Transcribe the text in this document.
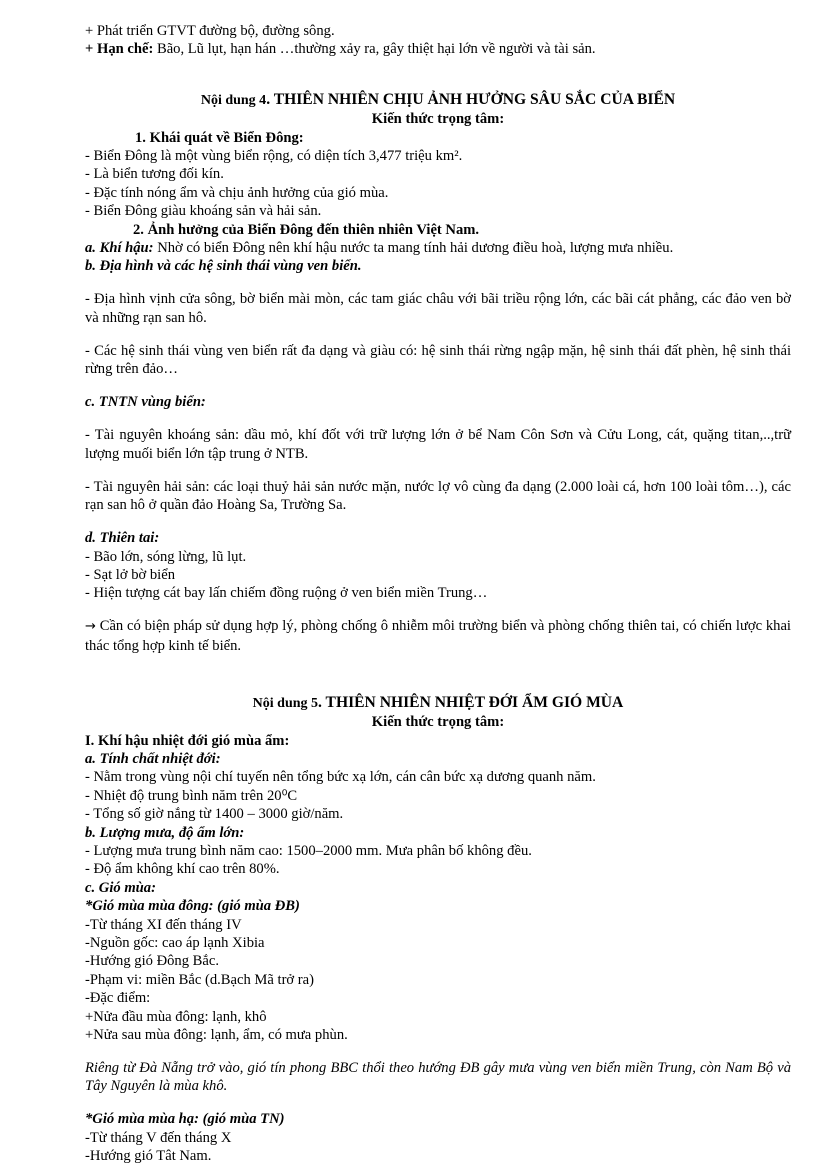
+ Phát triển GTVT đường bộ, đường sông.

+ Hạn chế: Bão, Lũ lụt, hạn hán …thường xảy ra, gây thiệt hại lớn về người và tài sản.

Nội dung 4. THIÊN NHIÊN CHỊU ẢNH HƯỞNG SÂU SẮC CỦA BIỂN

Kiến thức trọng tâm:

1. Khái quát về Biển Đông:

- Biển Đông là một vùng biển rộng, có diện tích 3,477 triệu km².

- Là biển tương đối kín.

- Đặc tính nóng ẩm và chịu ảnh hưởng của gió mùa.

- Biển Đông giàu khoáng sản và hải sản.

2. Ảnh hưởng của Biển Đông đến thiên nhiên Việt Nam.

a. Khí hậu: Nhờ có biển Đông nên khí hậu nước ta mang tính hải dương điều hoà, lượng mưa nhiều.

b. Địa hình và các hệ sinh thái vùng ven biển.

- Địa hình vịnh cửa sông, bờ biển mài mòn, các tam giác châu với bãi triều rộng lớn, các bãi cát phẳng, các đảo ven bờ và những rạn san hô.

- Các hệ sinh thái vùng ven biển rất đa dạng và giàu có: hệ sinh thái rừng ngập mặn, hệ sinh thái đất phèn, hệ sinh thái rừng trên đảo…

c. TNTN vùng biển:

- Tài nguyên khoáng sản: dầu mỏ, khí đốt với trữ lượng lớn ở bể Nam Côn Sơn và Cửu Long, cát, quặng titan,..,trữ lượng muối biển lớn tập trung ở NTB.

- Tài nguyên hải sản: các loại thuỷ hải sản nước mặn, nước lợ vô cùng đa dạng (2.000 loài cá, hơn 100 loài tôm…), các rạn san hô ở quần đảo Hoàng Sa, Trường Sa.

d. Thiên tai:

- Bão lớn, sóng lừng, lũ lụt.

- Sạt lở bờ biển

- Hiện tượng cát bay lấn chiếm đồng ruộng ở ven biển miền Trung…

→ Cần có biện pháp sử dụng hợp lý, phòng chống ô nhiễm môi trường biển và phòng chống thiên tai, có chiến lược khai thác tổng hợp kinh tế biển.

Nội dung 5. THIÊN NHIÊN NHIỆT ĐỚI ẨM GIÓ MÙA

Kiến thức trọng tâm:

I. Khí hậu nhiệt đới gió mùa ẩm:

a. Tính chất nhiệt đới:

- Nằm trong vùng nội chí tuyến nên tổng bức xạ lớn, cán cân bức xạ dương quanh năm.

- Nhiệt độ trung bình năm trên 20⁰C

- Tổng số giờ nắng từ 1400 – 3000 giờ/năm.

b. Lượng mưa, độ ẩm lớn:

- Lượng mưa trung bình năm cao: 1500–2000 mm. Mưa phân bố không đều.

- Độ ẩm không khí cao trên 80%.

c. Gió mùa:

*Gió mùa mùa đông: (gió mùa ĐB)

-Từ tháng XI đến tháng IV

-Nguồn gốc: cao áp lạnh Xibia

-Hướng gió Đông Bắc.

-Phạm vi: miền Bắc (d.Bạch Mã trở ra)

-Đặc điểm:

+Nửa đầu mùa đông: lạnh, khô

+Nửa sau mùa đông: lạnh, ẩm, có mưa phùn.

Riêng từ Đà Nẵng trở vào, gió tín phong BBC thổi theo hướng ĐB gây mưa vùng ven biển miền Trung, còn Nam Bộ và Tây Nguyên là mùa khô.

*Gió mùa mùa hạ: (gió mùa TN)

-Từ tháng V đến tháng X

-Hướng gió Tât Nam.
